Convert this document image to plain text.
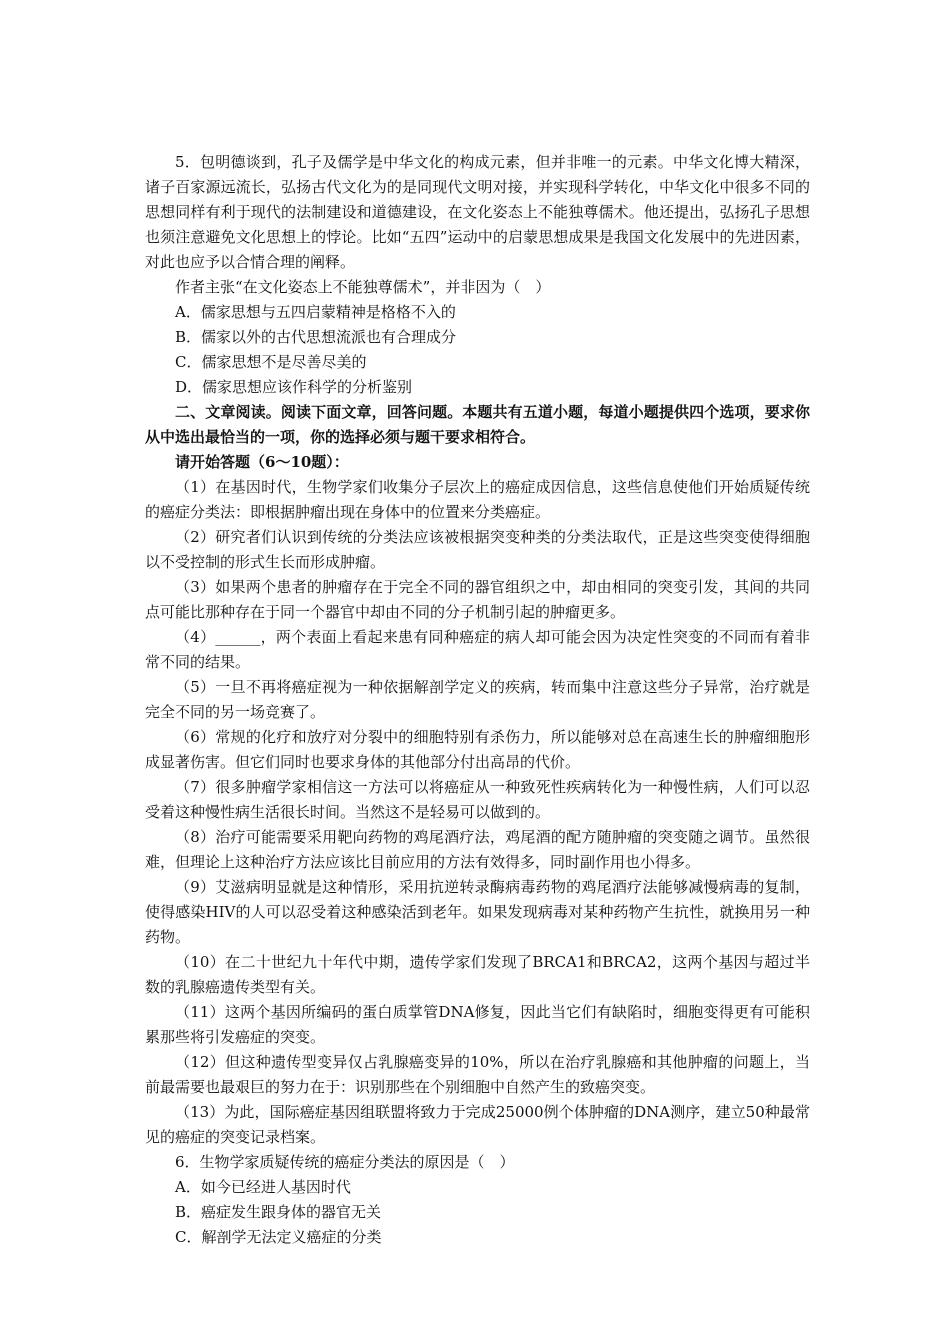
5．包明德谈到，孔子及儒学是中华文化的构成元素，但并非唯一的元素。中华文化博大精深，诸子百家源远流长，弘扬古代文化为的是同现代文明对接，并实现科学转化，中华文化中很多不同的思想同样有利于现代的法制建设和道德建设，在文化姿态上不能独尊儒术。他还提出，弘扬孔子思想也须注意避免文化思想上的悖论。比如“五四”运动中的启蒙思想成果是我国文化发展中的先进因素，对此也应予以合情合理的阐释。

作者主张“在文化姿态上不能独尊儒术”，并非因为（　）

A．儒家思想与五四启蒙精神是格格不入的

B．儒家以外的古代思想流派也有合理成分

C．儒家思想不是尽善尽美的

D．儒家思想应该作科学的分析鉴别

二、文章阅读。阅读下面文章，回答问题。本题共有五道小题，每道小题提供四个选项，要求你从中选出最恰当的一项，你的选择必须与题干要求相符合。

请开始答题（6～10题）：

（1）在基因时代，生物学家们收集分子层次上的癌症成因信息，这些信息使他们开始质疑传统的癌症分类法：即根据肿瘤出现在身体中的位置来分类癌症。

（2）研究者们认识到传统的分类法应该被根据突变种类的分类法取代，正是这些突变使得细胞以不受控制的形式生长而形成肿瘤。

（3）如果两个患者的肿瘤存在于完全不同的器官组织之中，却由相同的突变引发，其间的共同点可能比那种存在于同一个器官中却由不同的分子机制引起的肿瘤更多。

（4）______，两个表面上看起来患有同种癌症的病人却可能会因为决定性突变的不同而有着非常不同的结果。

（5）一旦不再将癌症视为一种依据解剖学定义的疾病，转而集中注意这些分子异常，治疗就是完全不同的另一场竞赛了。

（6）常规的化疗和放疗对分裂中的细胞特别有杀伤力，所以能够对总在高速生长的肿瘤细胞形成显著伤害。但它们同时也要求身体的其他部分付出高昂的代价。

（7）很多肿瘤学家相信这一方法可以将癌症从一种致死性疾病转化为一种慢性病，人们可以忍受着这种慢性病生活很长时间。当然这不是轻易可以做到的。

（8）治疗可能需要采用靶向药物的鸡尾酒疗法，鸡尾酒的配方随肿瘤的突变随之调节。虽然很难，但理论上这种治疗方法应该比目前应用的方法有效得多，同时副作用也小得多。

（9）艾滋病明显就是这种情形，采用抗逆转录酶病毒药物的鸡尾酒疗法能够减慢病毒的复制，使得感染HIV的人可以忍受着这种感染活到老年。如果发现病毒对某种药物产生抗性，就换用另一种药物。

（10）在二十世纪九十年代中期，遗传学家们发现了BRCA1和BRCA2，这两个基因与超过半数的乳腺癌遗传类型有关。

（11）这两个基因所编码的蛋白质掌管DNA修复，因此当它们有缺陷时，细胞变得更有可能积累那些将引发癌症的突变。

（12）但这种遗传型变异仅占乳腺癌变异的10%，所以在治疗乳腺癌和其他肿瘤的问题上，当前最需要也最艰巨的努力在于：识别那些在个别细胞中自然产生的致癌突变。

（13）为此，国际癌症基因组联盟将致力于完成25000例个体肿瘤的DNA测序，建立50种最常见的癌症的突变记录档案。

6．生物学家质疑传统的癌症分类法的原因是（　）

A．如今已经进人基因时代

B．癌症发生跟身体的器官无关

C．解剖学无法定义癌症的分类
